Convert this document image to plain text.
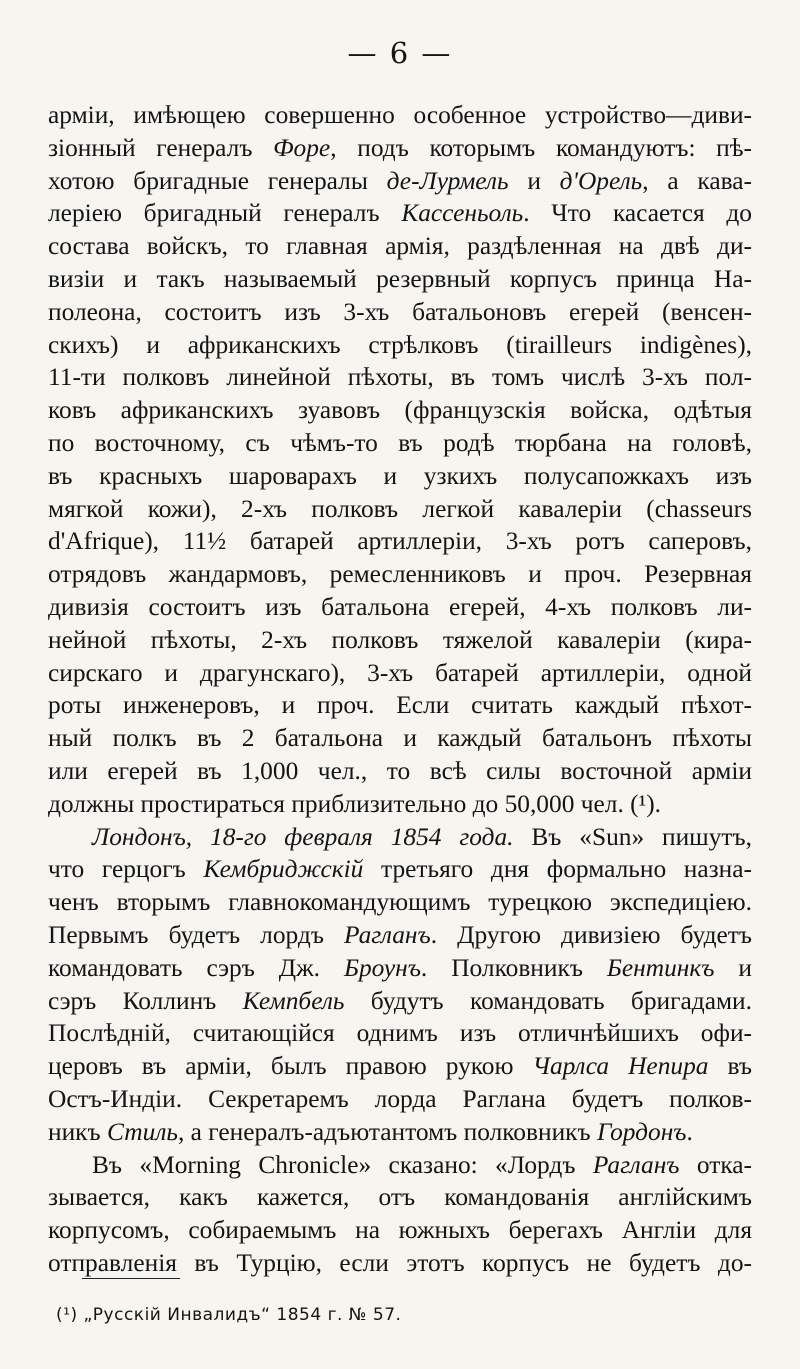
— 6 —
арміи, имѣющею совершенно особенное устройство—диви-
зіонный генералъ Форе, подъ которымъ командуютъ: пѣ-
хотою бригадные генералы де-Лурмель и д'Орель, а кава-
леріею бригадный генералъ Кассеньоль. Что касается до
состава войскъ, то главная армія, раздѣленная на двѣ ди-
визіи и такъ называемый резервный корпусъ принца На-
полеона, состоитъ изъ 3-хъ батальоновъ егерей (венсен-
скихъ) и африканскихъ стрѣлковъ (tirailleurs indigènes),
11-ти полковъ линейной пѣхоты, въ томъ числѣ 3-хъ пол-
ковъ африканскихъ зуавовъ (французскія войска, одѣтыя
по восточному, съ чѣмъ-то въ родѣ тюрбана на головѣ,
въ красныхъ шароварахъ и узкихъ полусапожкахъ изъ
мягкой кожи), 2-хъ полковъ легкой кавалеріи (chasseurs
d'Afrique), 11½ батарей артиллеріи, 3-хъ ротъ саперовъ,
отрядовъ жандармовъ, ремесленниковъ и проч. Резервная
дивизія состоитъ изъ батальона егерей, 4-хъ полковъ ли-
нейной пѣхоты, 2-хъ полковъ тяжелой кавалеріи (кира-
сирскаго и драгунскаго), 3-хъ батарей артиллеріи, одной
роты инженеровъ, и проч. Если считать каждый пѣхот-
ный полкъ въ 2 батальона и каждый батальонъ пѣхоты
или егерей въ 1,000 чел., то всѣ силы восточной арміи
должны простираться приблизительно до 50,000 чел. (¹).
Лондонъ, 18-го февраля 1854 года. Въ «Sun» пишутъ,
что герцогъ Кембриджскій третьяго дня формально назна-
ченъ вторымъ главнокомандующимъ турецкою экспедиціею.
Первымъ будетъ лордъ Рагланъ. Другою дивизіею будетъ
командовать сэръ Дж. Броунъ. Полковникъ Бентинкъ и
сэръ Коллинъ Кемпбель будутъ командовать бригадами.
Послѣдній, считающійся однимъ изъ отличнѣйшихъ офи-
церовъ въ арміи, былъ правою рукою Чарлса Непира въ
Остъ-Индіи. Секретаремъ лорда Раглана будетъ полков-
никъ Стиль, а генералъ-адъютантомъ полковникъ Гордонъ.
Въ «Morning Chronicle» сказано: «Лордъ Рагланъ отка-
зывается, какъ кажется, отъ командованія англійскимъ
корпусомъ, собираемымъ на южныхъ берегахъ Англіи для
отправленія въ Турцію, если этотъ корпусъ не будетъ до-
(¹) „Русскій Инвалидъ“ 1854 г. № 57.
